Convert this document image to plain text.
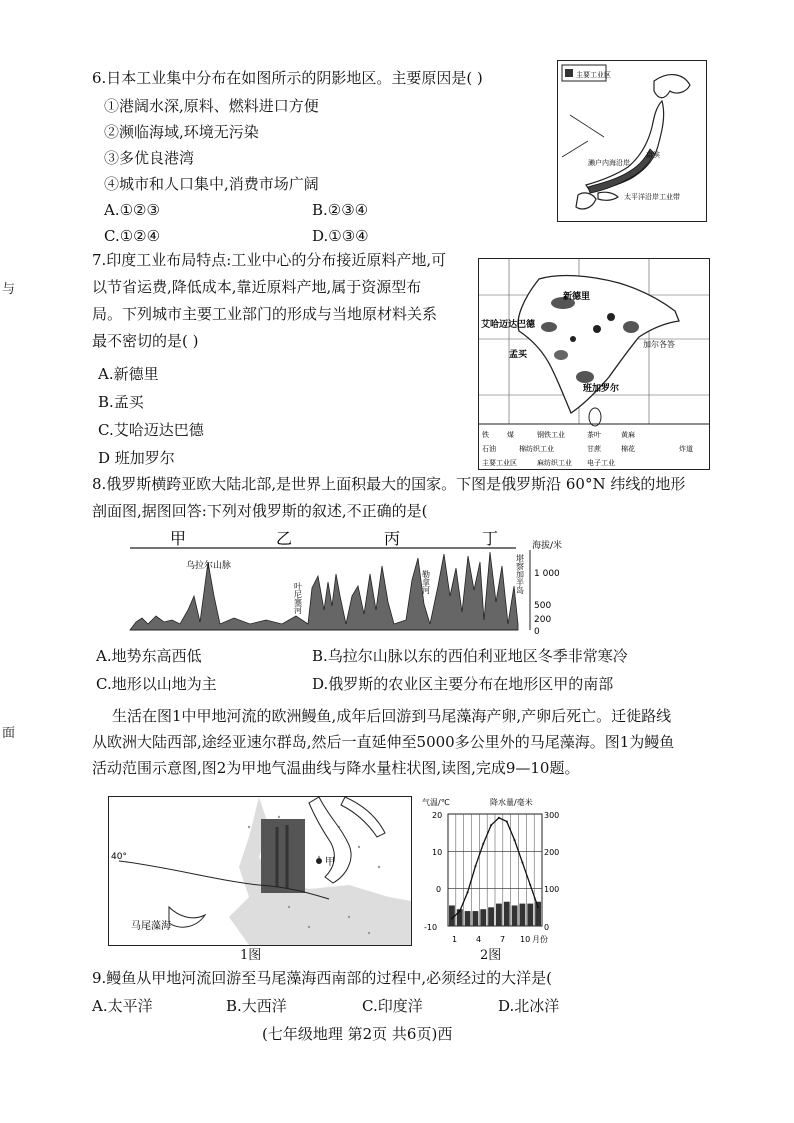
与
面
6.日本工业集中分布在如图所示的阴影地区。主要原因是( )
①港阔水深,原料、燃料进口方便
②濒临海域,环境无污染
③多优良港湾
④城市和人口集中,消费市场广阔
A.①②③	B.②③④
C.①②④	D.①③④
主要工业区
濑户内海沿岸
京滨
太平洋沿岸工业带
7.印度工业布局特点:工业中心的分布接近原料产地,可
以节省运费,降低成本,靠近原料产地,属于资源型布
局。下列城市主要工业部门的形成与当地原材料关系
最不密切的是( )
A.新德里
B.孟买
C.艾哈迈达巴德
D 班加罗尔
新德里
艾哈迈达巴德
孟买
班加罗尔
加尔各答
铁	煤	钢铁工业	茶叶	黄麻
石油	棉纺织工业	甘蔗	棉花
主要工业区	麻纺织工业 电子工业
炸道
8.俄罗斯横跨亚欧大陆北部,是世界上面积最大的国家。下图是俄罗斯沿 60°N 纬线的地形
剖面图,据图回答:下列对俄罗斯的叙述,不正确的是(
甲	乙	丙	丁
乌拉尔山脉
叶尼塞河	勒拿河	堪察加半岛
海拔/米
1 000
500
200
0
A.地势东高西低	B.乌拉尔山脉以东的西伯利亚地区冬季非常寒冷
C.地形以山地为主	D.俄罗斯的农业区主要分布在地形区甲的南部
生活在图1中甲地河流的欧洲鳗鱼,成年后回游到马尾藻海产卵,产卵后死亡。迁徙路线
从欧洲大陆西部,途经亚速尔群岛,然后一直延伸至5000多公里外的马尾藻海。图1为鳗鱼
活动范围示意图,图2为甲地气温曲线与降水量柱状图,读图,完成9—10题。
甲
40°
马尾藻海
1图
气温/℃	降水量/毫米
20
10
0
-10
300
200
100
0
1 4 7 10 月份
2图
9.鳗鱼从甲地河流回游至马尾藻海西南部的过程中,必须经过的大洋是(
A.太平洋	B.大西洋	C.印度洋	D.北冰洋
(七年级地理 第2页 共6页)西
